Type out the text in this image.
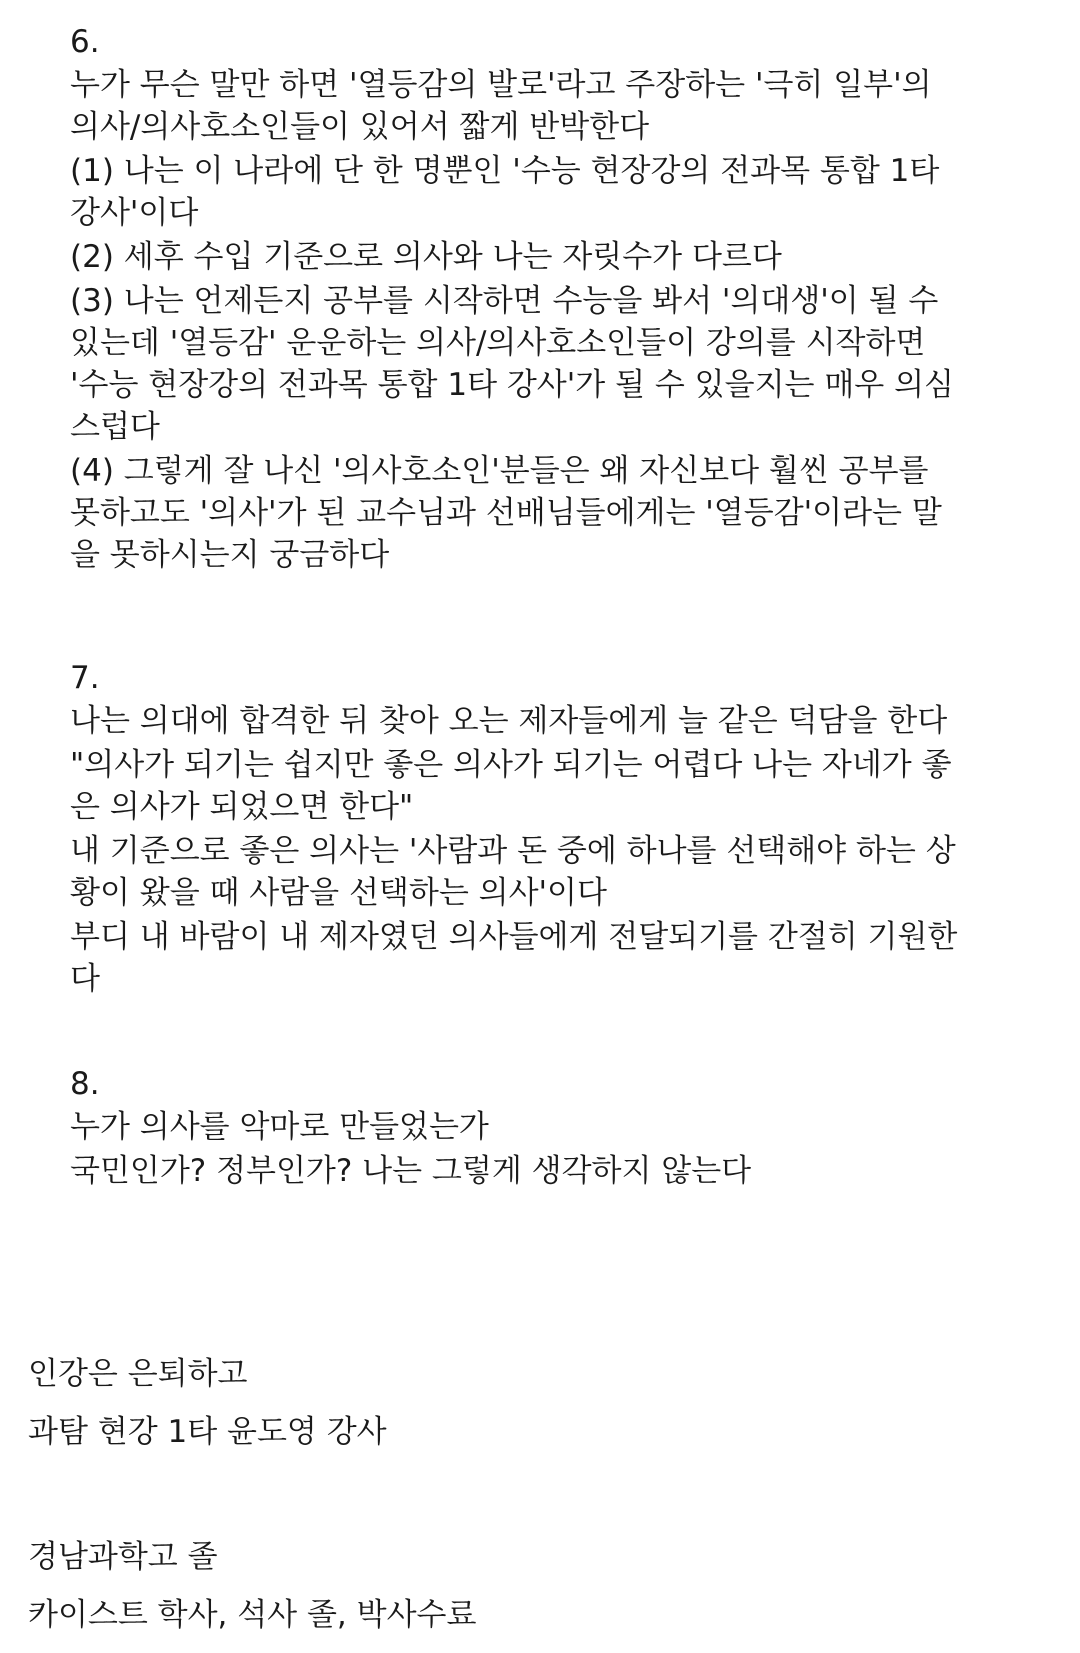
6.

누가 무슨 말만 하면 '열등감의 발로'라고 주장하는 '극히 일부'의
의사/의사호소인들이 있어서 짧게 반박한다

(1) 나는 이 나라에 단 한 명뿐인 '수능 현장강의 전과목 통합 1타
강사'이다

(2) 세후 수입 기준으로 의사와 나는 자릿수가 다르다

(3) 나는 언제든지 공부를 시작하면 수능을 봐서 '의대생'이 될 수
있는데 '열등감' 운운하는 의사/의사호소인들이 강의를 시작하면
'수능 현장강의 전과목 통합 1타 강사'가 될 수 있을지는 매우 의심
스럽다

(4) 그렇게 잘 나신 '의사호소인'분들은 왜 자신보다 훨씬 공부를
못하고도 '의사'가 된 교수님과 선배님들에게는 '열등감'이라는 말
을 못하시는지 궁금하다

7.

나는 의대에 합격한 뒤 찾아 오는 제자들에게 늘 같은 덕담을 한다

"의사가 되기는 쉽지만 좋은 의사가 되기는 어렵다 나는 자네가 좋
은 의사가 되었으면 한다"

내 기준으로 좋은 의사는 '사람과 돈 중에 하나를 선택해야 하는 상
황이 왔을 때 사람을 선택하는 의사'이다

부디 내 바람이 내 제자였던 의사들에게 전달되기를 간절히 기원한
다

8.

누가 의사를 악마로 만들었는가

국민인가? 정부인가? 나는 그렇게 생각하지 않는다

인강은 은퇴하고

과탐 현강 1타 윤도영 강사

경남과학고 졸

카이스트 학사, 석사 졸, 박사수료
